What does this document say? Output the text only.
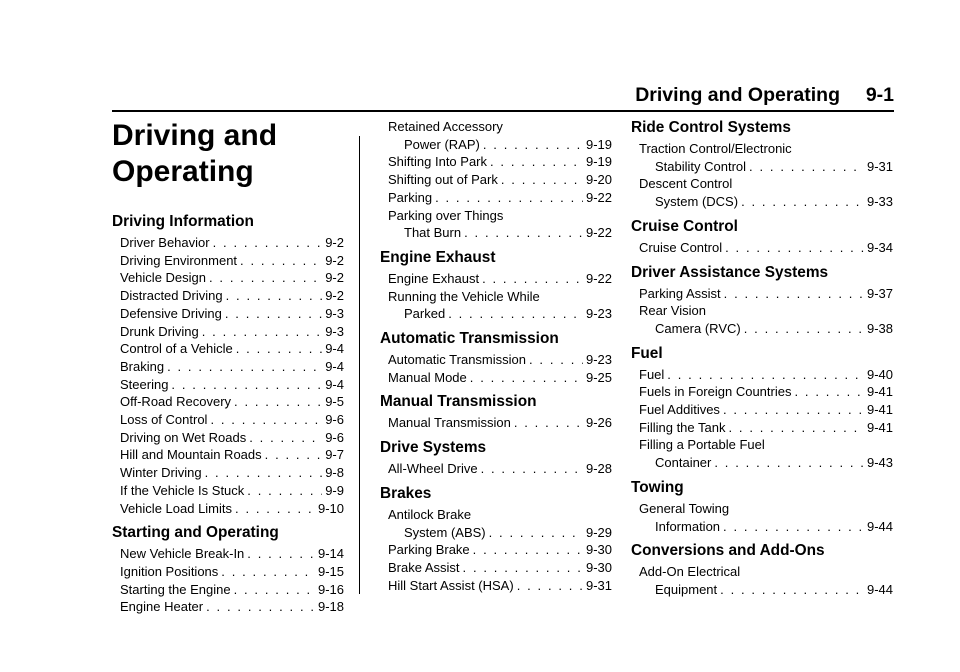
Driving and Operating 9-1
Driving and
Operating
Driving Information
Driver Behavior . . .	9-2
Driving Environment . . .	9-2
Vehicle Design . . .	9-2
Distracted Driving . . .	9-2
Defensive Driving . . .	9-3
Drunk Driving . . .	9-3
Control of a Vehicle . . .	9-4
Braking . . .	9-4
Steering . . .	9-4
Off-Road Recovery . . .	9-5
Loss of Control . . .	9-6
Driving on Wet Roads . . .	9-6
Hill and Mountain Roads . . .	9-7
Winter Driving . . .	9-8
If the Vehicle Is Stuck . . .	9-9
Vehicle Load Limits . . .	9-10
Starting and Operating
New Vehicle Break-In . . .	9-14
Ignition Positions . . .	9-15
Starting the Engine . . .	9-16
Engine Heater . . .	9-18
Retained Accessory
Power (RAP) . . .	9-19
Shifting Into Park . . .	9-19
Shifting out of Park . . .	9-20
Parking . . .	9-22
Parking over Things
That Burn . . .	9-22
Engine Exhaust
Engine Exhaust . . .	9-22
Running the Vehicle While
Parked . . .	9-23
Automatic Transmission
Automatic Transmission . . .	9-23
Manual Mode . . .	9-25
Manual Transmission
Manual Transmission . . .	9-26
Drive Systems
All-Wheel Drive . . .	9-28
Brakes
Antilock Brake
System (ABS) . . .	9-29
Parking Brake . . .	9-30
Brake Assist . . .	9-30
Hill Start Assist (HSA) . . .	9-31
Ride Control Systems
Traction Control/Electronic
Stability Control . . .	9-31
Descent Control
System (DCS) . . .	9-33
Cruise Control
Cruise Control . . .	9-34
Driver Assistance Systems
Parking Assist . . .	9-37
Rear Vision
Camera (RVC) . . .	9-38
Fuel
Fuel . . .	9-40
Fuels in Foreign Countries . . .	9-41
Fuel Additives . . .	9-41
Filling the Tank . . .	9-41
Filling a Portable Fuel
Container . . .	9-43
Towing
General Towing
Information . . .	9-44
Conversions and Add-Ons
Add-On Electrical
Equipment . . .	9-44
